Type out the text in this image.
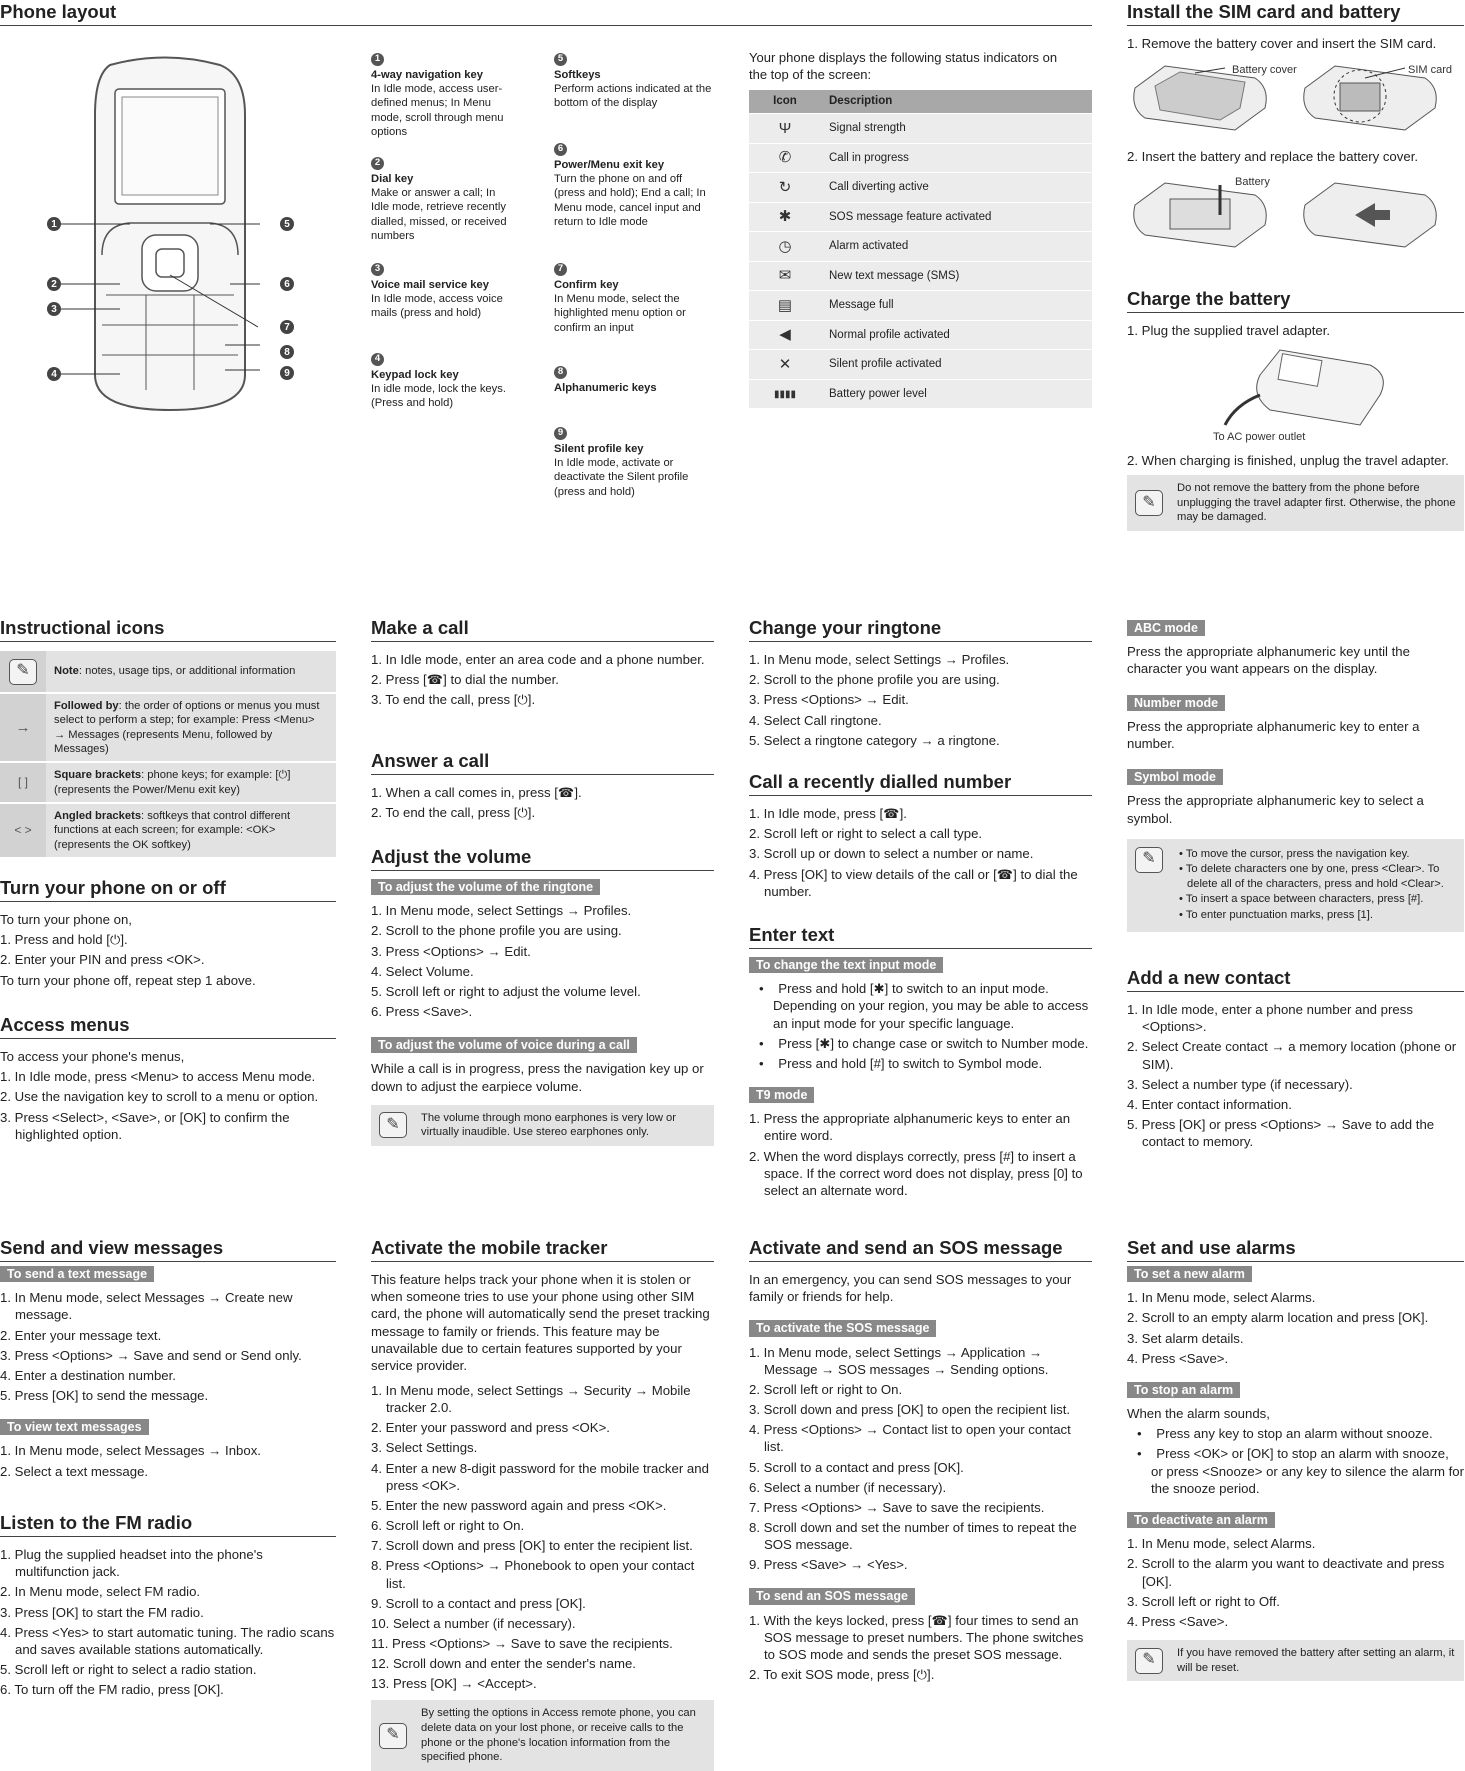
Phone layout
1
2
3
4
5
6
7
8
9
1
4-way navigation key
In Idle mode, access user-defined menus; In Menu mode, scroll through menu options
2
Dial key
Make or answer a call; In Idle mode, retrieve recently dialled, missed, or received numbers
3
Voice mail service key
In Idle mode, access voice mails (press and hold)
4
Keypad lock key
In idle mode, lock the keys. (Press and hold)
5
Softkeys
Perform actions indicated at the bottom of the display
6
Power/Menu exit key
Turn the phone on and off (press and hold); End a call; In Menu mode, cancel input and return to Idle mode
7
Confirm key
In Menu mode, select the highlighted menu option or confirm an input
8
Alphanumeric keys
9
Silent profile key
In Idle mode, activate or deactivate the Silent profile (press and hold)

Your phone displays the following status indicators on the top of the screen:

Icon	Description
Ψ	Signal strength
✆	Call in progress
↻	Call diverting active
✱	SOS message feature activated
◷	Alarm activated
✉	New text message (SMS)
▤	Message full
◀	Normal profile activated
✕	Silent profile activated
▮▮▮▮	Battery power level
Install the SIM card and battery

1. Remove the battery cover and insert the SIM card.

Battery cover	SIM card

2. Insert the battery and replace the battery cover.

Battery
Charge the battery

1. Plug the supplied travel adapter.

To AC power outlet

2. When charging is finished, unplug the travel adapter.

✎
Do not remove the battery from the phone before unplugging the travel adapter first. Otherwise, the phone may be damaged.
Instructional icons
✎	Note: notes, usage tips, or additional information
→	Followed by: the order of options or menus you must select to perform a step; for example: Press <Menu> → Messages (represents Menu, followed by Messages)
[ ]	Square brackets: phone keys; for example: [⏻] (represents the Power/Menu exit key)
< >	Angled brackets: softkeys that control different functions at each screen; for example: <OK> (represents the OK softkey)
Turn your phone on or off

To turn your phone on,

1. Press and hold [⏻].
2. Enter your PIN and press <OK>.

To turn your phone off, repeat step 1 above.

Access menus

To access your phone's menus,

1. In Idle mode, press <Menu> to access Menu mode.
2. Use the navigation key to scroll to a menu or option.
3. Press <Select>, <Save>, or [OK] to confirm the highlighted option.
Make a call
1. In Idle mode, enter an area code and a phone number.
2. Press [☎] to dial the number.
3. To end the call, press [⏻].
Answer a call
1. When a call comes in, press [☎].
2. To end the call, press [⏻].
Adjust the volume
To adjust the volume of the ringtone
1. In Menu mode, select Settings → Profiles.
2. Scroll to the phone profile you are using.
3. Press <Options> → Edit.
4. Select Volume.
5. Scroll left or right to adjust the volume level.
6. Press <Save>.
To adjust the volume of voice during a call

While a call is in progress, press the navigation key up or down to adjust the earpiece volume.

✎	The volume through mono earphones is very low or virtually inaudible. Use stereo earphones only.
Change your ringtone
1. In Menu mode, select Settings → Profiles.
2. Scroll to the phone profile you are using.
3. Press <Options> → Edit.
4. Select Call ringtone.
5. Select a ringtone category → a ringtone.
Call a recently dialled number
1. In Idle mode, press [☎].
2. Scroll left or right to select a call type.
3. Scroll up or down to select a number or name.
4. Press [OK] to view details of the call or [☎] to dial the number.
Enter text
To change the text input mode
•    Press and hold [✱] to switch to an input mode. Depending on your region, you may be able to access an input mode for your specific language.
•    Press [✱] to change case or switch to Number mode.
•    Press and hold [#] to switch to Symbol mode.
T9 mode
1. Press the appropriate alphanumeric keys to enter an entire word.
2. When the word displays correctly, press [#] to insert a space. If the correct word does not display, press [0] to select an alternate word.
ABC mode

Press the appropriate alphanumeric key until the character you want appears on the display.

Number mode

Press the appropriate alphanumeric key to enter a number.

Symbol mode

Press the appropriate alphanumeric key to select a symbol.

✎	• To move the cursor, press the navigation key.
• To delete characters one by one, press <Clear>. To delete all of the characters, press and hold <Clear>.
• To insert a space between characters, press [#].
• To enter punctuation marks, press [1].
Add a new contact
1. In Idle mode, enter a phone number and press <Options>.
2. Select Create contact → a memory location (phone or SIM).
3. Select a number type (if necessary).
4. Enter contact information.
5. Press [OK] or press <Options> → Save to add the contact to memory.
Send and view messages
To send a text message
1. In Menu mode, select Messages → Create new message.
2. Enter your message text.
3. Press <Options> → Save and send or Send only.
4. Enter a destination number.
5. Press [OK] to send the message.
To view text messages
1. In Menu mode, select Messages → Inbox.
2. Select a text message.
Listen to the FM radio
1. Plug the supplied headset into the phone's multifunction jack.
2. In Menu mode, select FM radio.
3. Press [OK] to start the FM radio.
4. Press <Yes> to start automatic tuning. The radio scans and saves available stations automatically.
5. Scroll left or right to select a radio station.
6. To turn off the FM radio, press [OK].
Activate the mobile tracker

This feature helps track your phone when it is stolen or when someone tries to use your phone using other SIM card, the phone will automatically send the preset tracking message to family or friends. This feature may be unavailable due to certain features supported by your service provider.

1. In Menu mode, select Settings → Security → Mobile tracker 2.0.
2. Enter your password and press <OK>.
3. Select Settings.
4. Enter a new 8-digit password for the mobile tracker and press <OK>.
5. Enter the new password again and press <OK>.
6. Scroll left or right to On.
7. Scroll down and press [OK] to enter the recipient list.
8. Press <Options> → Phonebook to open your contact list.
9. Scroll to a contact and press [OK].
10. Select a number (if necessary).
11. Press <Options> → Save to save the recipients.
12. Scroll down and enter the sender's name.
13. Press [OK] → <Accept>.
✎
By setting the options in Access remote phone, you can delete data on your lost phone, or receive calls to the phone or the phone's location information from the specified phone.
Activate and send an SOS message

In an emergency, you can send SOS messages to your family or friends for help.

To activate the SOS message
1. In Menu mode, select Settings → Application → Message → SOS messages → Sending options.
2. Scroll left or right to On.
3. Scroll down and press [OK] to open the recipient list.
4. Press <Options> → Contact list to open your contact list.
5. Scroll to a contact and press [OK].
6. Select a number (if necessary).
7. Press <Options> → Save to save the recipients.
8. Scroll down and set the number of times to repeat the SOS message.
9. Press <Save> → <Yes>.
To send an SOS message
1. With the keys locked, press [☎] four times to send an SOS message to preset numbers. The phone switches to SOS mode and sends the preset SOS message.
2. To exit SOS mode, press [⏻].
Set and use alarms
To set a new alarm
1. In Menu mode, select Alarms.
2. Scroll to an empty alarm location and press [OK].
3. Set alarm details.
4. Press <Save>.
To stop an alarm

When the alarm sounds,

•    Press any key to stop an alarm without snooze.
•    Press <OK> or [OK] to stop an alarm with snooze, or press <Snooze> or any key to silence the alarm for the snooze period.
To deactivate an alarm
1. In Menu mode, select Alarms.
2. Scroll to the alarm you want to deactivate and press [OK].
3. Scroll left or right to Off.
4. Press <Save>.
✎	If you have removed the battery after setting an alarm, it will be reset.
